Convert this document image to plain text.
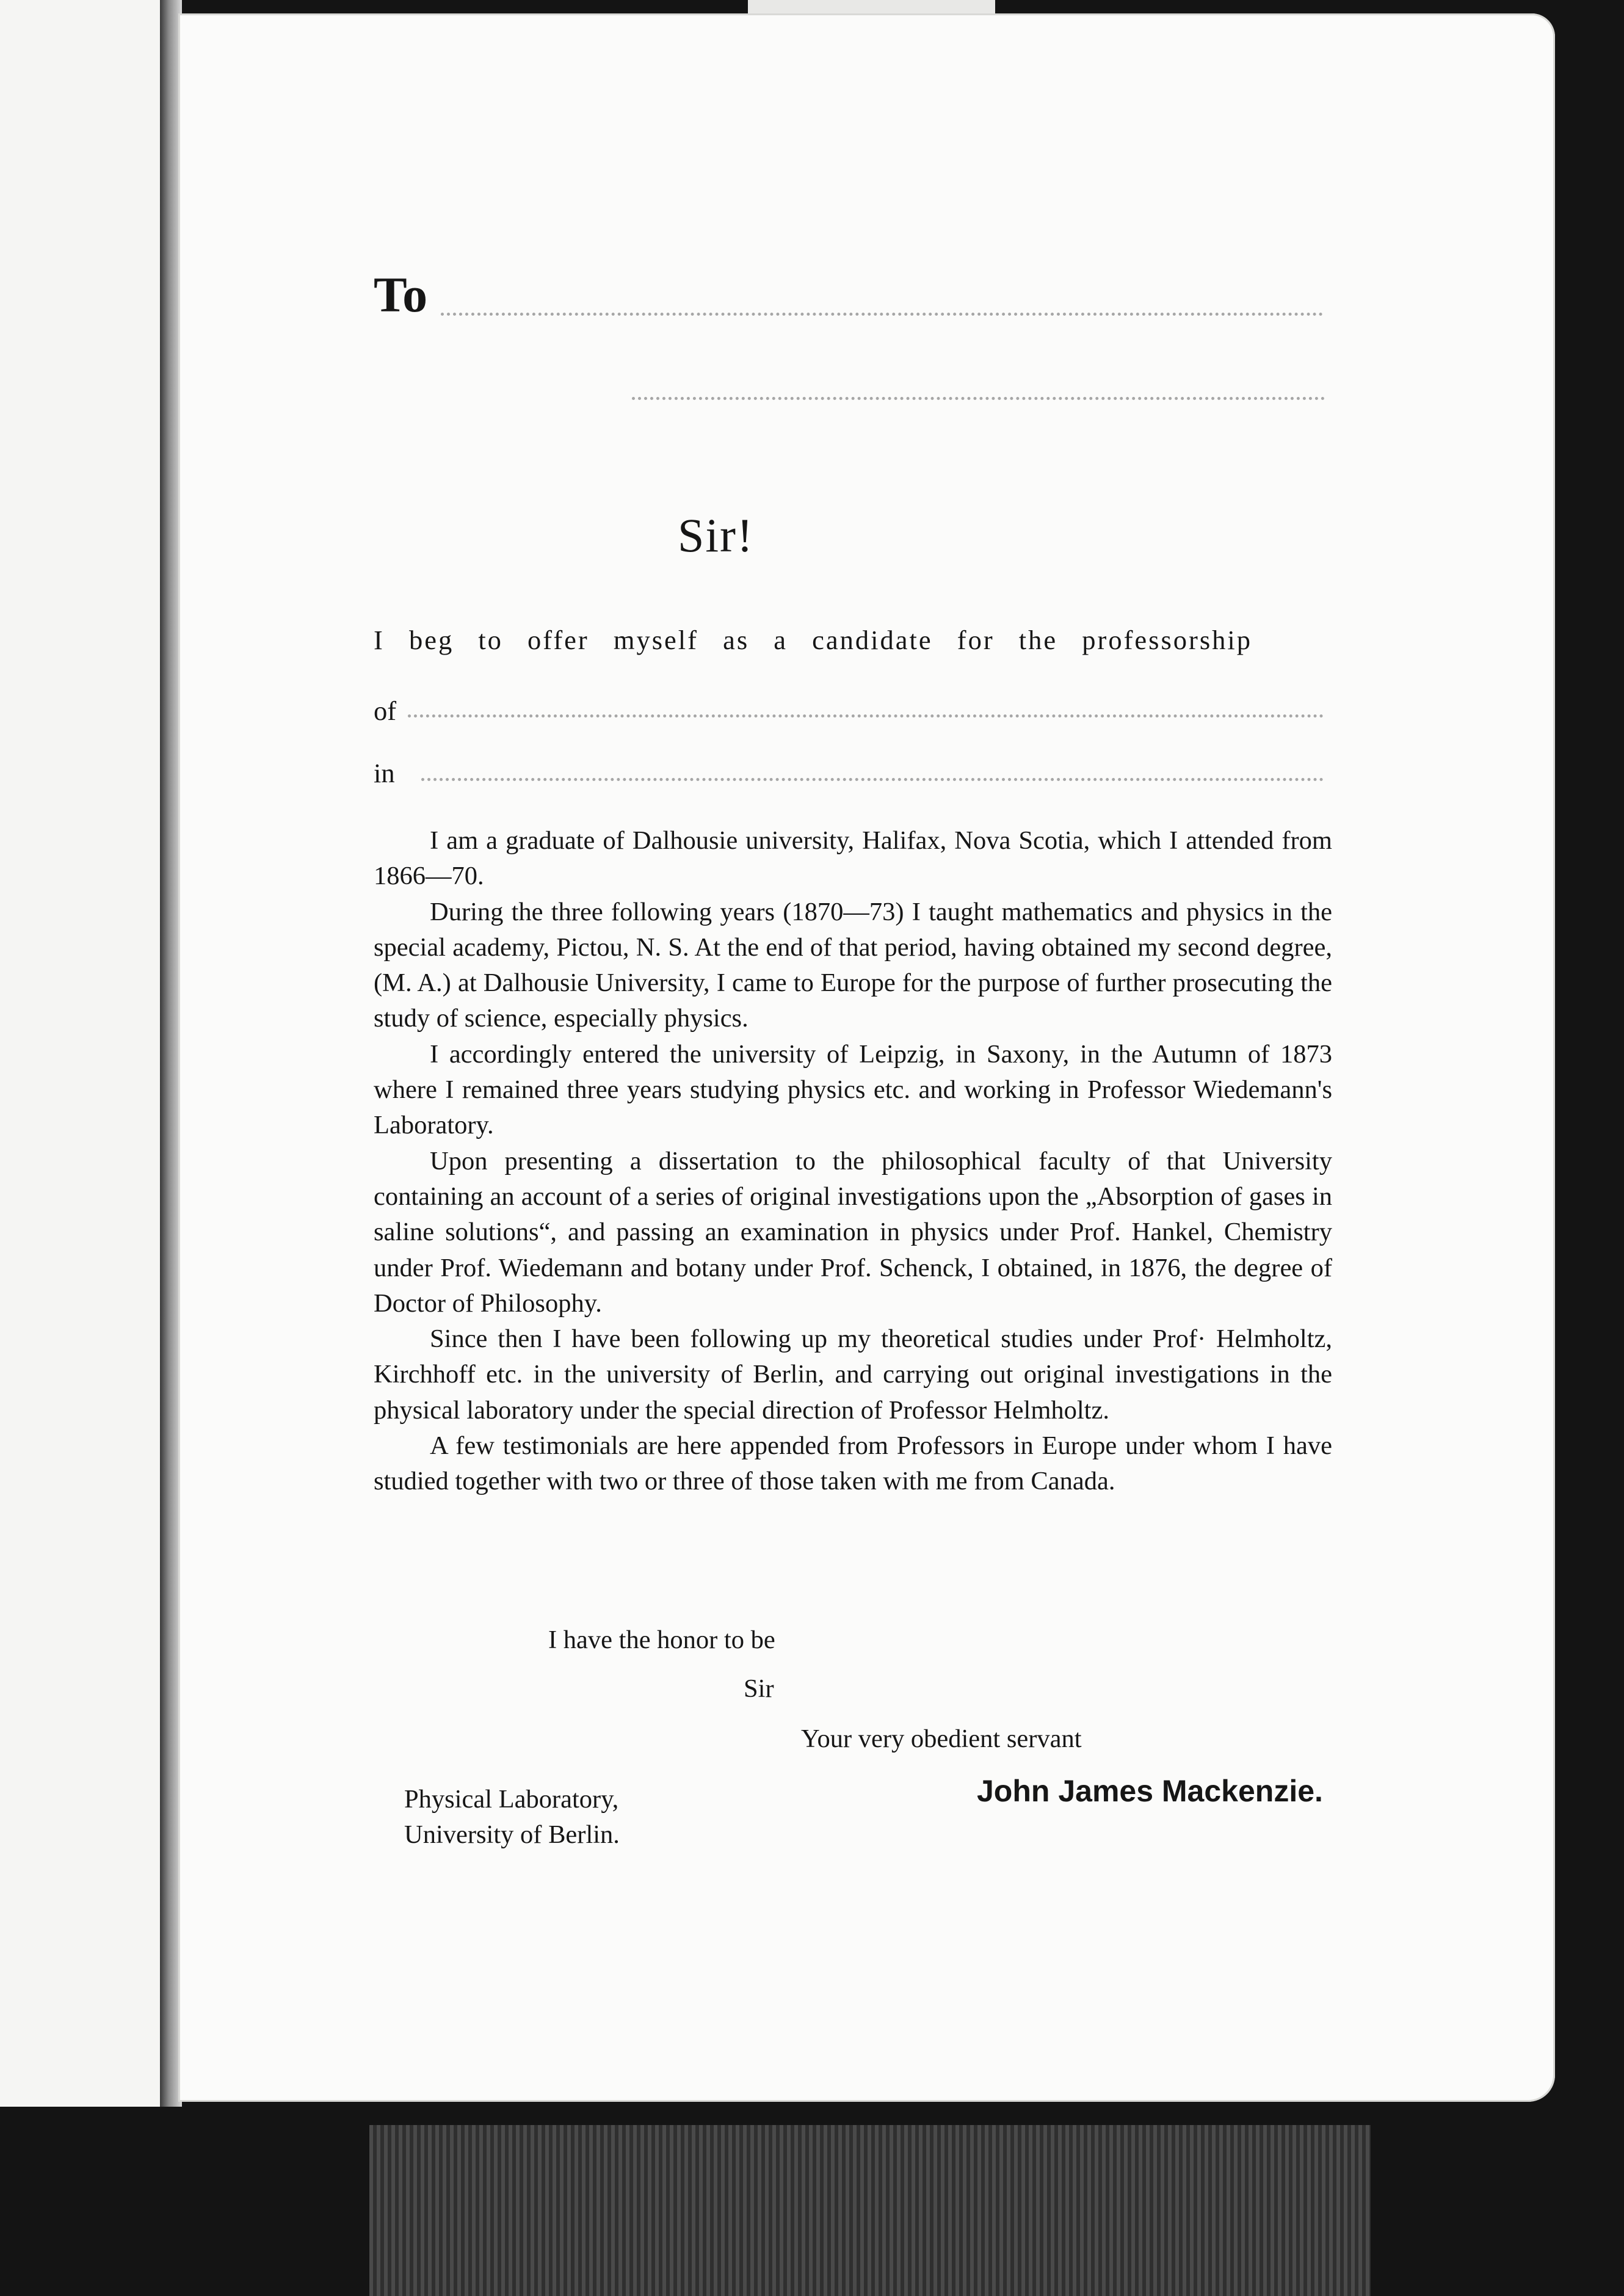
To
Sir!
I beg to offer myself as a candidate for the professorship
of
in

I am a graduate of Dalhousie university, Halifax, Nova Scotia, which I attended from 1866—70.

During the three following years (1870—73) I taught mathematics and physics in the special academy, Pictou, N. S. At the end of that period, having obtained my second degree, (M. A.) at Dalhousie University, I came to Europe for the purpose of further prosecuting the study of science, especially physics.

I accordingly entered the university of Leipzig, in Saxony, in the Autumn of 1873 where I remained three years studying physics etc. and working in Professor Wiedemann's Laboratory.

Upon presenting a dissertation to the philosophical faculty of that University containing an account of a series of original investigations upon the „Absorption of gases in saline solutions“, and passing an examination in physics under Prof. Hankel, Chemistry under Prof. Wiedemann and botany under Prof. Schenck, I obtained, in 1876, the degree of Doctor of Philosophy.

Since then I have been following up my theoretical studies under Prof· Helmholtz, Kirchhoff etc. in the university of Berlin, and carrying out original investigations in the physical laboratory under the special direction of Professor Helmholtz.

A few testimonials are here appended from Professors in Europe under whom I have studied together with two or three of those taken with me from Canada.

I have the honor to be
Sir
Your very obedient servant
Physical Laboratory,
University of Berlin.
John James Mackenzie.
